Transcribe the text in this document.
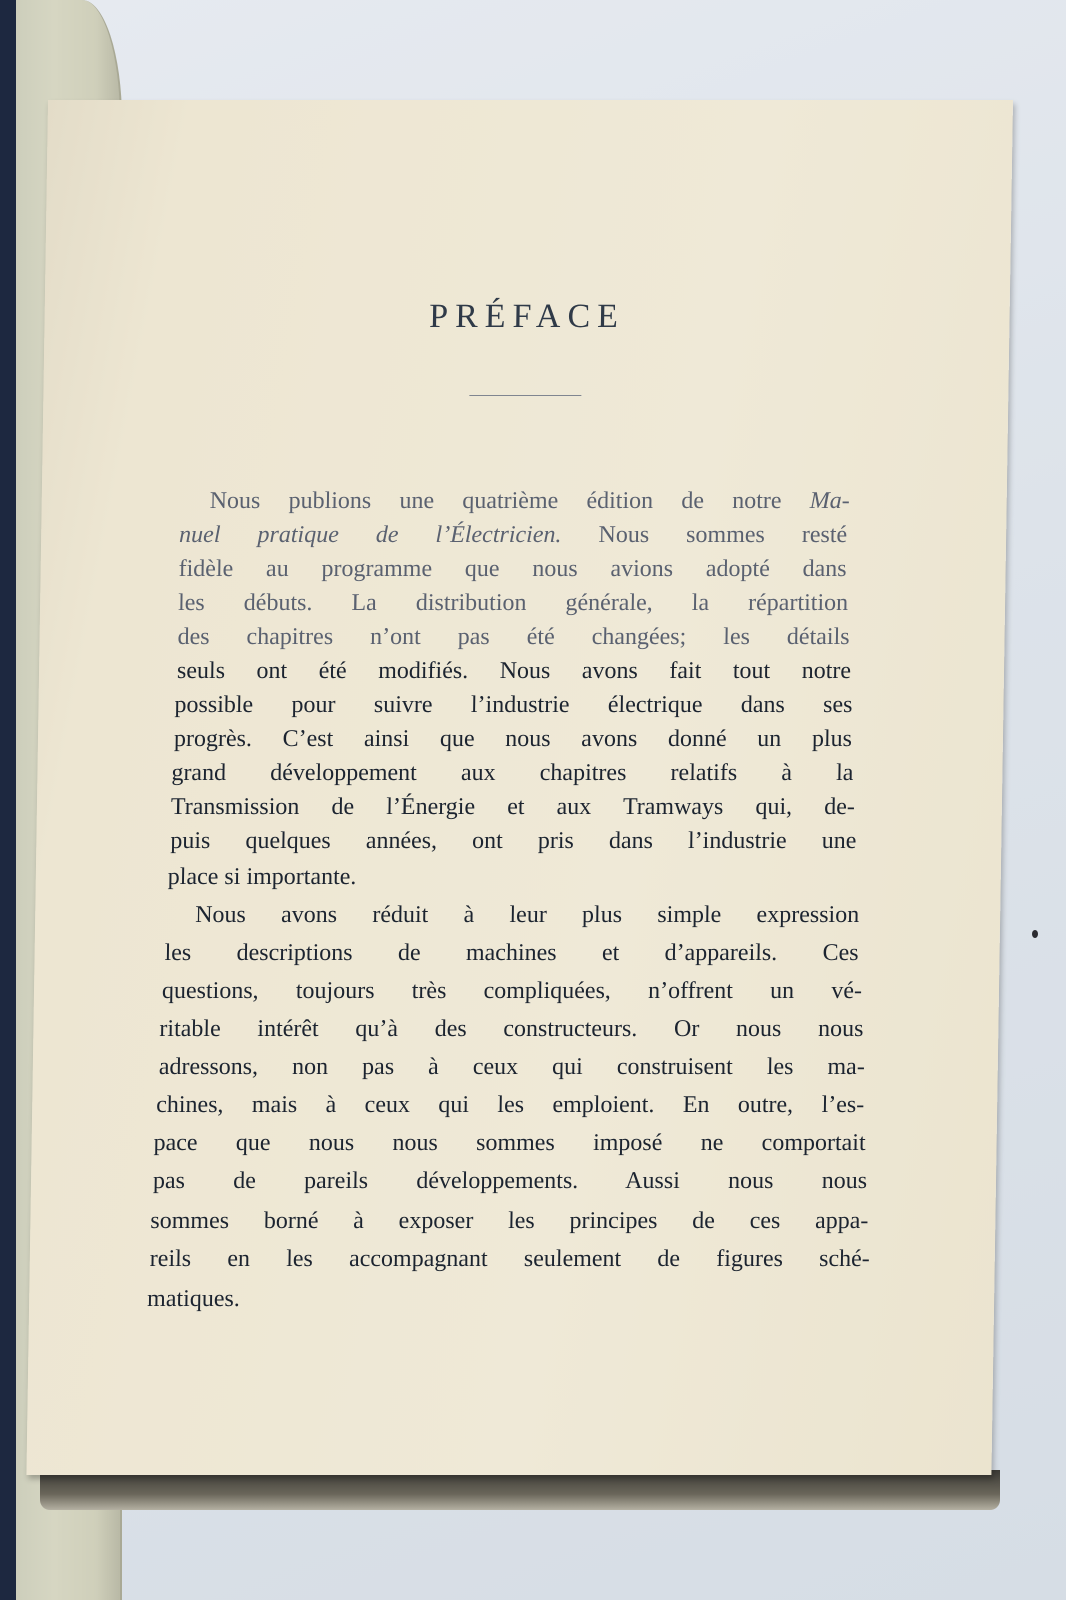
PRÉFACE
Nous publions une quatrième édition de notre Ma-
nuel pratique de l’Électricien. Nous sommes resté
fidèle au programme que nous avions adopté dans
les débuts. La distribution générale, la répartition
des chapitres n’ont pas été changées; les détails
seuls ont été modifiés. Nous avons fait tout notre
possible pour suivre l’industrie électrique dans ses
progrès. C’est ainsi que nous avons donné un plus
grand développement aux chapitres relatifs à la
Transmission de l’Énergie et aux Tramways qui, de-
puis quelques années, ont pris dans l’industrie une
place si importante.
Nous avons réduit à leur plus simple expression
les descriptions de machines et d’appareils. Ces
questions, toujours très compliquées, n’offrent un vé-
ritable intérêt qu’à des constructeurs. Or nous nous
adressons, non pas à ceux qui construisent les ma-
chines, mais à ceux qui les emploient. En outre, l’es-
pace que nous nous sommes imposé ne comportait
pas de pareils développements. Aussi nous nous
sommes borné à exposer les principes de ces appa-
reils en les accompagnant seulement de figures sché-
matiques.
